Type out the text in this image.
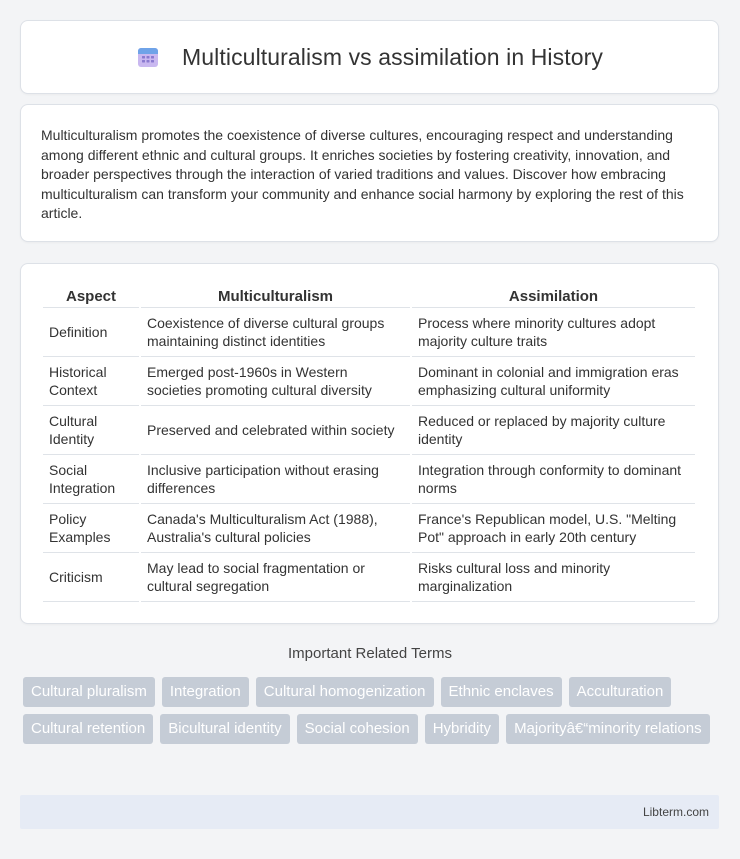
Multiculturalism vs assimilation in History

Multiculturalism promotes the coexistence of diverse cultures, encouraging respect and understanding among different ethnic and cultural groups. It enriches societies by fostering creativity, innovation, and broader perspectives through the interaction of varied traditions and values. Discover how embracing multiculturalism can transform your community and enhance social harmony by exploring the rest of this article.

Aspect	Multiculturalism	Assimilation
Definition	Coexistence of diverse cultural groups maintaining distinct identities	Process where minority cultures adopt majority culture traits
Historical Context	Emerged post-1960s in Western societies promoting cultural diversity	Dominant in colonial and immigration eras emphasizing cultural uniformity
Cultural Identity	Preserved and celebrated within society	Reduced or replaced by majority culture identity
Social Integration	Inclusive participation without erasing differences	Integration through conformity to dominant norms
Policy Examples	Canada's Multiculturalism Act (1988), Australia's cultural policies	France's Republican model, U.S. "Melting Pot" approach in early 20th century
Criticism	May lead to social fragmentation or cultural segregation	Risks cultural loss and minority marginalization
Important Related Terms
Cultural pluralism	Integration	Cultural homogenization	Ethnic enclaves	Acculturation
Cultural retention	Bicultural identity	Social cohesion	Hybridity	Majorityâ€“minority relations
Libterm.com
